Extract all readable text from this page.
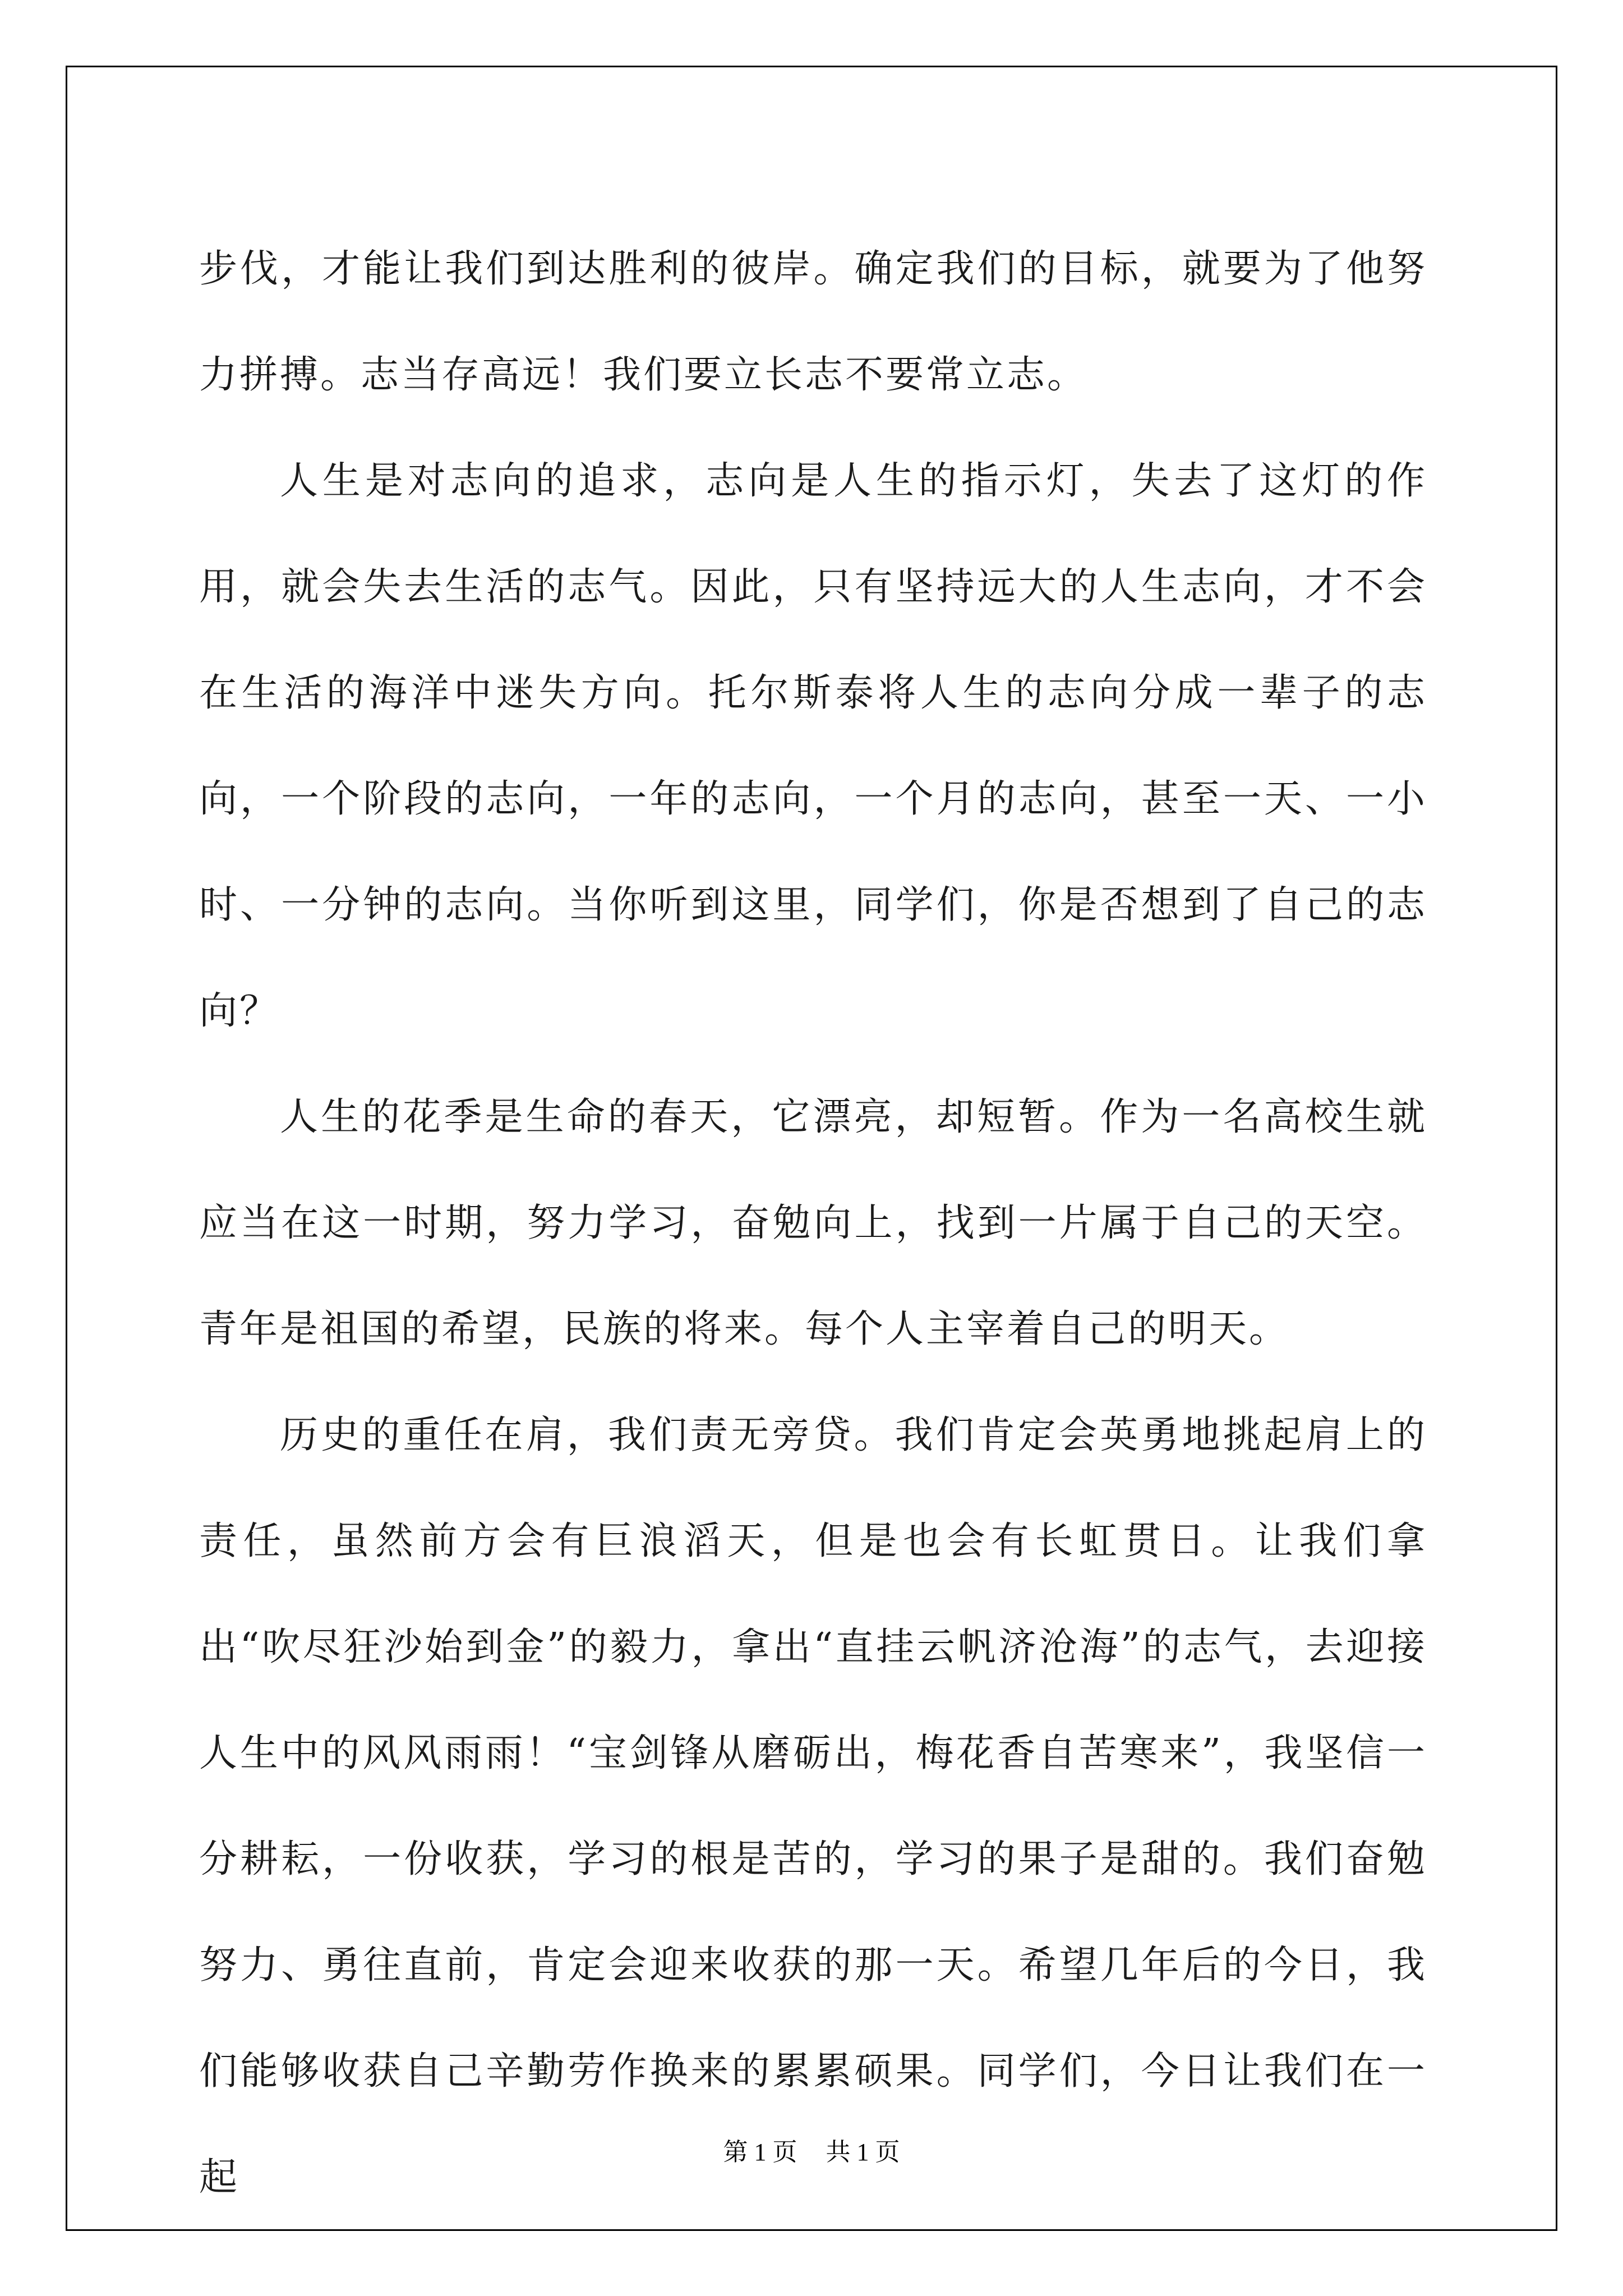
步伐，才能让我们到达胜利的彼岸。确定我们的目标，就要为了他努力拼搏。志当存高远！我们要立长志不要常立志。

人生是对志向的追求，志向是人生的指示灯，失去了这灯的作用，就会失去生活的志气。因此，只有坚持远大的人生志向，才不会在生活的海洋中迷失方向。托尔斯泰将人生的志向分成一辈子的志向，一个阶段的志向，一年的志向，一个月的志向，甚至一天、一小时、一分钟的志向。当你听到这里，同学们，你是否想到了自己的志向？

人生的花季是生命的春天，它漂亮，却短暂。作为一名高校生就应当在这一时期，努力学习，奋勉向上，找到一片属于自己的天空。青年是祖国的希望，民族的将来。每个人主宰着自己的明天。

历史的重任在肩，我们责无旁贷。我们肯定会英勇地挑起肩上的责任，虽然前方会有巨浪滔天，但是也会有长虹贯日。让我们拿出“吹尽狂沙始到金”的毅力，拿出“直挂云帆济沧海”的志气，去迎接人生中的风风雨雨！“宝剑锋从磨砺出，梅花香自苦寒来”，我坚信一分耕耘，一份收获，学习的根是苦的，学习的果子是甜的。我们奋勉努力、勇往直前，肯定会迎来收获的那一天。希望几年后的今日，我们能够收获自己辛勤劳作换来的累累硕果。同学们，今日让我们在一起

第 1 页 共 1 页
